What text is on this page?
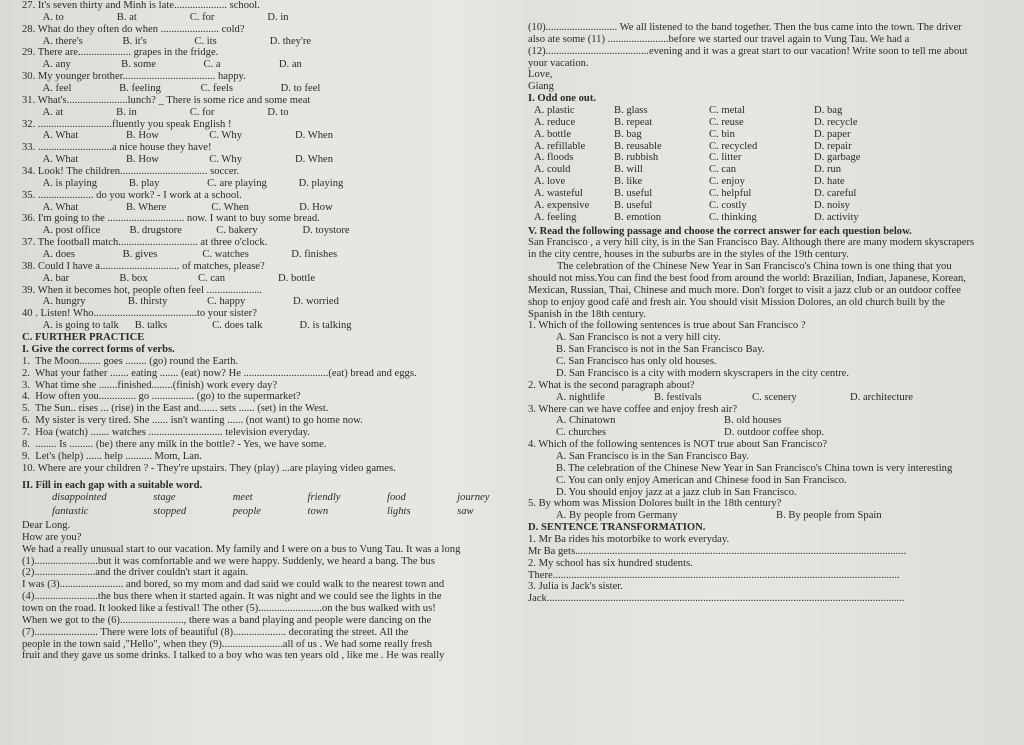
27. It's seven thirty and Minh is late.................... school.
A. to                    B. at                    C. for                    D. in
28. What do they often do when ...................... cold?
A. there's               B. it's                  C. its                    D. they're
29. There are.................... grapes in the fridge.
A. any                   B. some                  C. a                      D. an
30. My younger brother................................... happy.
A. feel                  B. feeling               C. feels                  D. to feel
31. What's.......................lunch? _ There is some rice and some meat
A. at                    B. in                    C. for                    D. to
32. ............................fluently you speak English !
A. What                  B. How                   C. Why                    D. When
33. ............................a nice house they have!
A. What                  B. How                   C. Why                    D. When
34. Look! The children................................. soccer.
A. is playing            B. play                  C. are playing            D. playing
35. ..................... do you work? - I work at a school.
A. What                  B. Where                 C. When                   D. How
36. I'm going to the ............................. now. I want to buy some bread.
A. post office           B. drugstore             C. bakery                 D. toystore
37. The football match.............................. at three o'clock.
A. does                  B. gives                 C. watches                D. finishes
38. Could I have a.............................. of matches, please?
A. bar                   B. box                   C. can                    D. bottle
39. When it becomes hot, people often feel .....................
A. hungry                B. thirsty               C. happy                  D. worried
40 . Listen! Who.......................................to your sister?
A. is going to talk      B. talks                 C. does talk              D. is talking
C. FURTHER PRACTICE
I. Give the correct forms of verbs.
1.  The Moon........ goes ........ (go) round the Earth.
2.  What your father ....... eating ....... (eat) now? He ................................(eat) bread and eggs.
3.  What time she .......finished........(finish) work every day?
4.  How often you.............. go ................ (go) to the supermarket?
5.  The Sun.. rises ... (rise) in the East and....... sets ...... (set) in the West.
6.  My sister is very tired. She ...... isn't wanting ...... (not want) to go home now.
7.  Hoa (watch) ....... watches ............................ television everyday.
8.  ........ Is ......... (be) there any milk in the bottle? - Yes, we have some.
9.  Let's (help) ...... help .......... Mom, Lan.
10. Where are your children ? - They're upstairs. They (play) ...are playing video games.
II. Fill in each gap with a suitable word.
disappointed	stage	meet	friendly	food	journey
fantastic	stopped	people	town	lights	saw
Dear Long.
How are you?
We had a really unusual start to our vacation. My family and I were on a bus to Vung Tau. It was a long
(1)........................but it was comfortable and we were happy. Suddenly, we heard a bang. The bus
(2).......................and the driver couldn't start it again.
I was (3)........................ and bored, so my mom and dad said we could walk to the nearest town and
(4)........................the bus there when it started again. It was night and we could see the lights in the
town on the road. It looked like a festival! The other (5)........................on the bus walked with us!
When we got to the (6)........................, there was a band playing and people were dancing on the
(7)........................ There were lots of beautiful (8).................... decorating the street. All the
people in the town said ,"Hello", when they (9).......................all of us . We had some really fresh
fruit and they gave us some drinks. I talked to a boy who was ten years old , like me . He was really
(10)........................... We all listened to the band together. Then the bus came into the town. The driver
also ate some (11) .......................before we started our travel again to Vung Tau. We had a
(12).......................................evening and it was a great start to our vacation! Write soon to tell me about
your vacation.
Love,
Giang
I. Odd one out.
A. plastic	B. glass	C. metal	D. bag
A. reduce	B. repeat	C. reuse	D. recycle
A. bottle	B. bag	C. bin	D. paper
A. refillable	B. reusable	C. recycled	D. repair
A. floods	B. rubbish	C. litter	D. garbage
A. could	B. will	C. can	D. run
A. love	B. like	C. enjoy	D. hate
A. wasteful	B. useful	C. helpful	D. careful
A. expensive	B. useful	C. costly	D. noisy
A. feeling	B. emotion	C. thinking	D. activity
V. Read the following passage and choose the correct answer for each question below.
San Francisco , a very hill city, is in the San Francisco Bay. Although there are many modern skyscrapers
in the city centre, houses in the suburbs are in the styles of the 19th century.
The celebration of the Chinese New Year in San Francisco's China town is one thing that you
should not miss.You can find the best food from around the world: Brazilian, Indian, Japanese, Korean,
Mexican, Russian, Thai, Chinese and much more. Don't forget to visit a jazz club or an outdoor coffee
shop to enjoy good café and fresh air. You should visit Mission Dolores, an old church built by the
Spanish in the 18th century.
1. Which of the following sentences is true about San Francisco ?
A. San Francisco is not a very hill city.
B. San Francisco is not in the San Francisco Bay.
C. San Francisco has only old houses.
D. San Francisco is a city with modern skyscrapers in the city centre.
2. What is the second paragraph about?
A. nightlife	B. festivals	C. scenery	D. architecture
3. Where can we have coffee and enjoy fresh air?
A. Chinatown	B. old houses
C. churches	D. outdoor coffee shop.
4. Which of the following sentences is NOT true about San Francisco?
A. San Francisco is in the San Francisco Bay.
B. The celebration of the Chinese New Year in San Francisco's China town is very interesting
C. You can only enjoy American and Chinese food in San Francisco.
D. You should enjoy jazz at a jazz club in San Francisco.
5. By whom was Mission Dolores built in the 18th century?
A. By people from Germany	B. By people from Spain
D. SENTENCE TRANSFORMATION.
1. Mr Ba rides his motorbike to work everyday.
Mr Ba gets.............................................................................................................................
2. My school has six hundred students.
There...................................................................................................................................
3. Julia is Jack's sister.
Jack.......................................................................................................................................
